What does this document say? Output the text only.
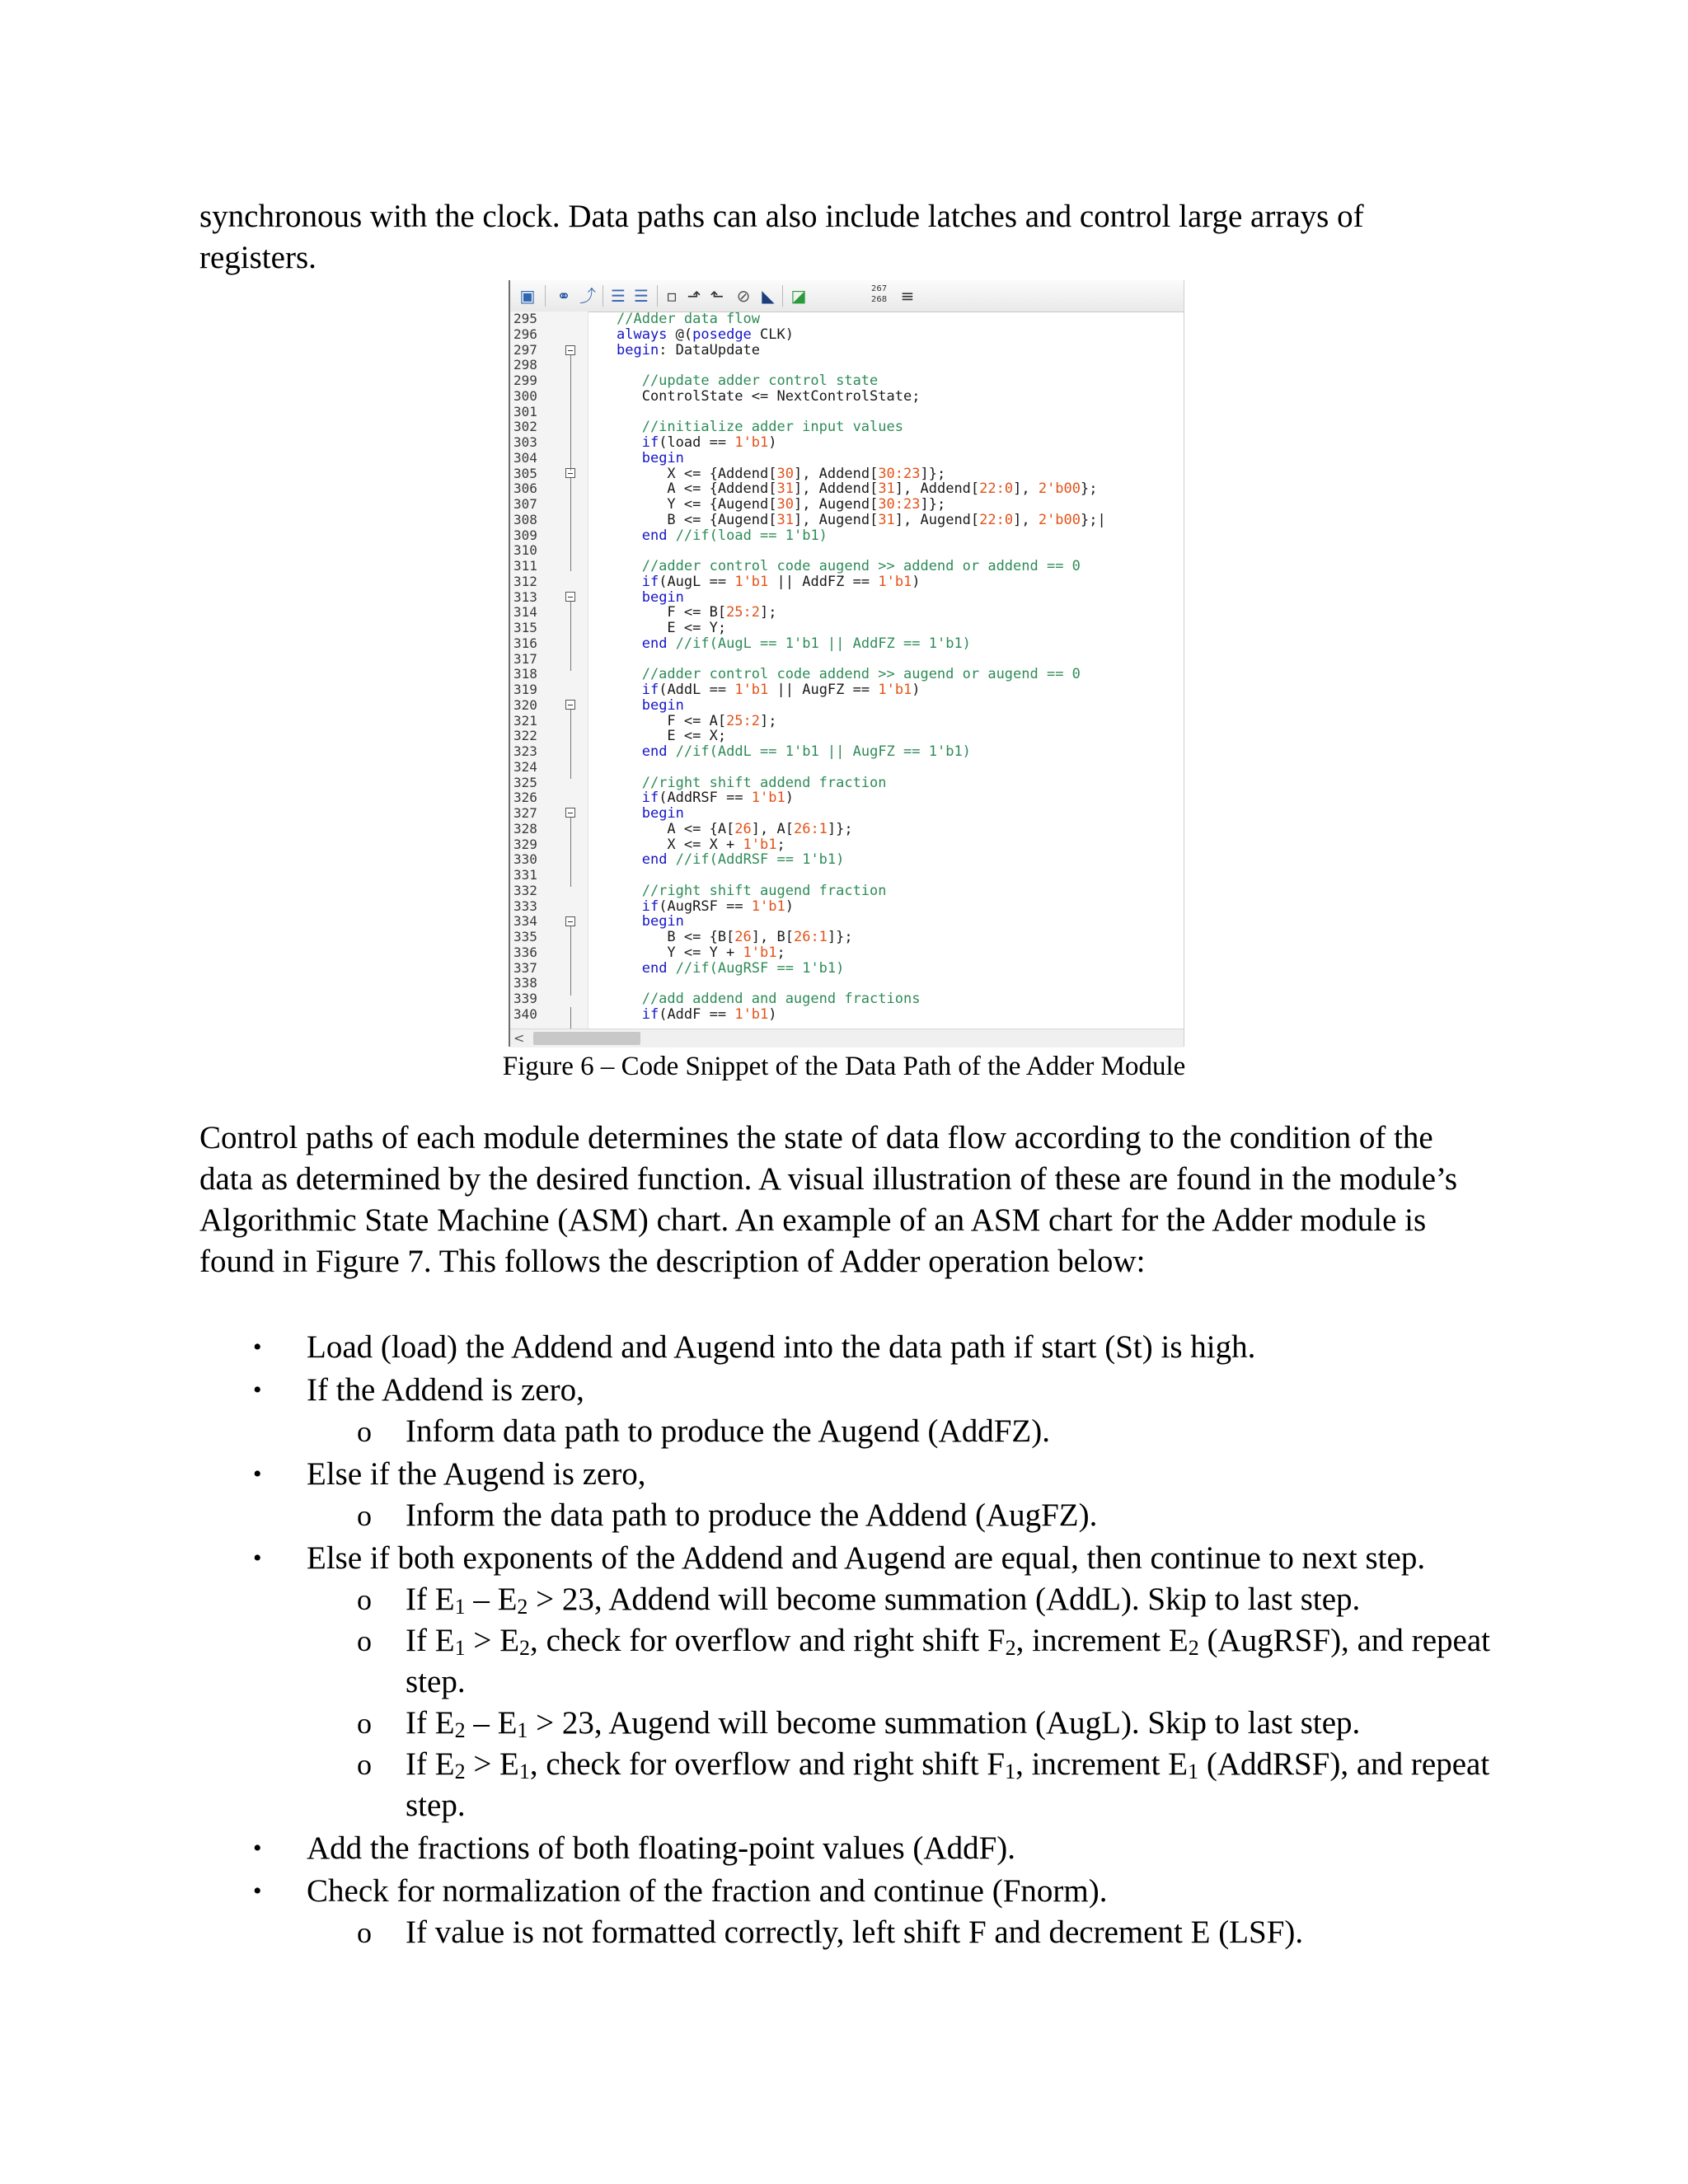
synchronous with the clock. Data paths can also include latches and control large arrays of
registers.
▣	⚭ ⤴ ☰ ☰ ▫ ⬏ ⬑ ⊘ ◣ ◪	267
268 ≡
295
296
297
298
299
300
301
302
303
304
305
306
307
308
309
310
311
312
313
314
315
316
317
318
319
320
321
322
323
324
325
326
327
328
329
330
331
332
333
334
335
336
337
338
339
340
//Adder data flow
always @(posedge CLK)
begin: DataUpdate

//update adder control state
ControlState <= NextControlState;

//initialize adder input values
if(load == 1'b1)
begin
X <= {Addend[30], Addend[30:23]};
A <= {Addend[31], Addend[31], Addend[22:0], 2'b00};
Y <= {Augend[30], Augend[30:23]};
B <= {Augend[31], Augend[31], Augend[22:0], 2'b00};|
end //if(load == 1'b1)

//adder control code augend >> addend or addend == 0
if(AugL == 1'b1 || AddFZ == 1'b1)
begin
F <= B[25:2];
E <= Y;
end //if(AugL == 1'b1 || AddFZ == 1'b1)

//adder control code addend >> augend or augend == 0
if(AddL == 1'b1 || AugFZ == 1'b1)
begin
F <= A[25:2];
E <= X;
end //if(AddL == 1'b1 || AugFZ == 1'b1)

//right shift addend fraction
if(AddRSF == 1'b1)
begin
A <= {A[26], A[26:1]};
X <= X + 1'b1;
end //if(AddRSF == 1'b1)

//right shift augend fraction
if(AugRSF == 1'b1)
begin
B <= {B[26], B[26:1]};
Y <= Y + 1'b1;
end //if(AugRSF == 1'b1)

//add addend and augend fractions
if(AddF == 1'b1)
<
Figure 6 – Code Snippet of the Data Path of the Adder Module
Control paths of each module determines the state of data flow according to the condition of the
data as determined by the desired function. A visual illustration of these are found in the module’s
Algorithmic State Machine (ASM) chart. An example of an ASM chart for the Adder module is
found in Figure 7. This follows the description of Adder operation below:
• Load (load) the Addend and Augend into the data path if start (St) is high.
• If the Addend is zero,
o Inform data path to produce the Augend (AddFZ).
• Else if the Augend is zero,
o Inform the data path to produce the Addend (AugFZ).
• Else if both exponents of the Addend and Augend are equal, then continue to next step.
o If $E_1 - E_2 > 23$, Addend will become summation (AddL). Skip to last step.
o If $E_1 > E_2$, check for overflow and right shift $F_2$, increment $E_2$ (AugRSF), and repeat step.
o If $E_2 - E_1 > 23$, Augend will become summation (AugL). Skip to last step.
o If $E_2 > E_1$, check for overflow and right shift $F_1$, increment $E_1$ (AddRSF), and repeat step.
• Add the fractions of both floating-point values (AddF).
• Check for normalization of the fraction and continue (Fnorm).
o If value is not formatted correctly, left shift F and decrement E (LSF).
